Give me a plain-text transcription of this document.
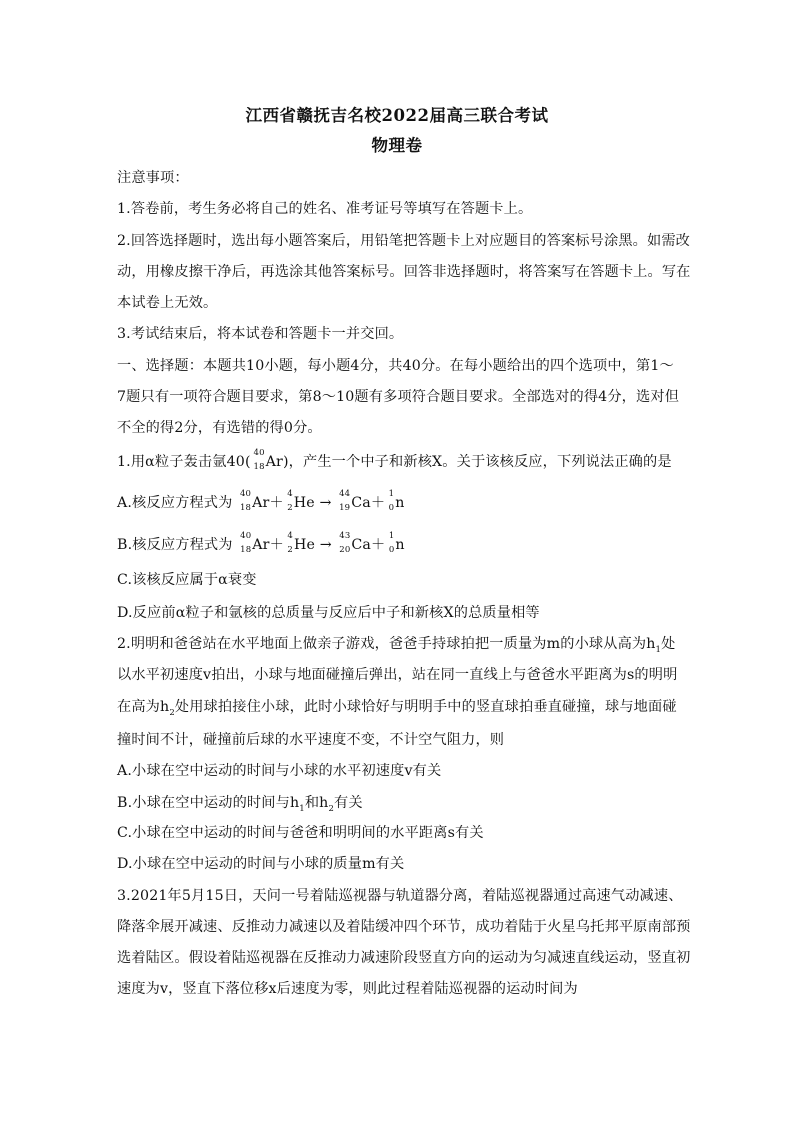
江西省赣抚吉名校2022届高三联合考试
物理卷
注意事项：
1.答卷前，考生务必将自己的姓名、准考证号等填写在答题卡上。
2.回答选择题时，选出每小题答案后，用铅笔把答题卡上对应题目的答案标号涂黑。如需改
动，用橡皮擦干净后，再选涂其他答案标号。回答非选择题时，将答案写在答题卡上。写在
本试卷上无效。
3.考试结束后，将本试卷和答题卡一并交回。
一、选择题：本题共10小题，每小题4分，共40分。在每小题给出的四个选项中，第1～
7题只有一项符合题目要求，第8～10题有多项符合题目要求。全部选对的得4分，选对但
不全的得2分，有选错的得0分。
1.用α粒子轰击氩40(
40
18 Ar)，产生一个中子和新核X。关于该核反应，下列说法正确的是
A.核反应方程式为
40
18 Ar＋
4
2 He →
44
19 Ca＋
1
0 n
B.核反应方程式为
40
18 Ar＋
4
2 He →
43
20 Ca＋
1
0 n
C.该核反应属于α衰变
D.反应前α粒子和氩核的总质量与反应后中子和新核X的总质量相等
2.明明和爸爸站在水平地面上做亲子游戏，爸爸手持球拍把一质量为m的小球从高为$h_1$处
以水平初速度v拍出，小球与地面碰撞后弹出，站在同一直线上与爸爸水平距离为s的明明
在高为$h_2$处用球拍接住小球，此时小球恰好与明明手中的竖直球拍垂直碰撞，球与地面碰
撞时间不计，碰撞前后球的水平速度不变，不计空气阻力，则
A.小球在空中运动的时间与小球的水平初速度v有关
B.小球在空中运动的时间与$h_1$和$h_2$有关
C.小球在空中运动的时间与爸爸和明明间的水平距离s有关
D.小球在空中运动的时间与小球的质量m有关
3.2021年5月15日，天问一号着陆巡视器与轨道器分离，着陆巡视器通过高速气动减速、
降落伞展开减速、反推动力减速以及着陆缓冲四个环节，成功着陆于火星乌托邦平原南部预
选着陆区。假设着陆巡视器在反推动力减速阶段竖直方向的运动为匀减速直线运动，竖直初
速度为v，竖直下落位移x后速度为零，则此过程着陆巡视器的运动时间为
